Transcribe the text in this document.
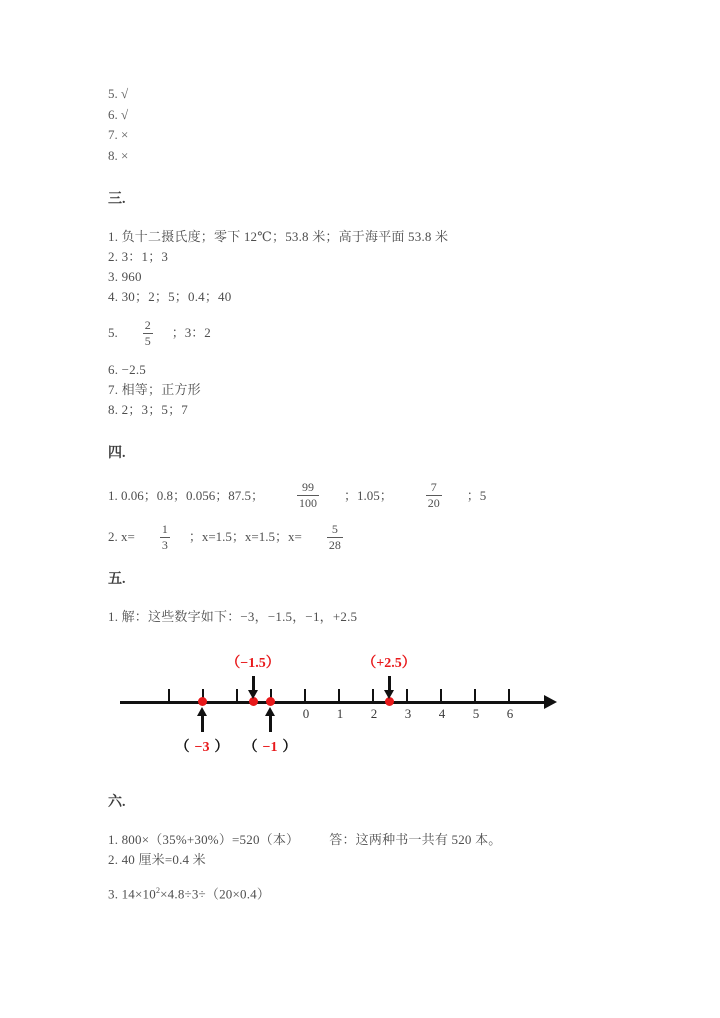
5. √
6. √
7. ×
8. ×
三.
1. 负十二摄氏度；零下 12℃；53.8 米；高于海平面 53.8 米
2. 3：1；3
3. 960
4. 30；2；5；0.4；40
5. $\frac{2}{5}$ ；3：2
6. −2.5
7. 相等；正方形
8. 2；3；5；7
四.
1. 0.06；0.8；0.056；87.5；	$\frac{99}{100}$ ；1.05；	$\frac{7}{20}$ ；5
2. $x= \frac{1}{3}$ ；x=1.5；x=1.5；$x= \frac{5}{28}$
五.
1. 解：这些数字如下：−3，−1.5，−1，+2.5
0	1	2	3	4	5	6
（−1.5）	（+2.5）
（ −3 ） （ −1 ）
六.
1. 800×（35%+30%）=520（本） 答：这两种书一共有 520 本。
2. 40 厘米=0.4 米
3. $14\times 10^2\times 4.8\div 3\div(20\times 0.4)$
